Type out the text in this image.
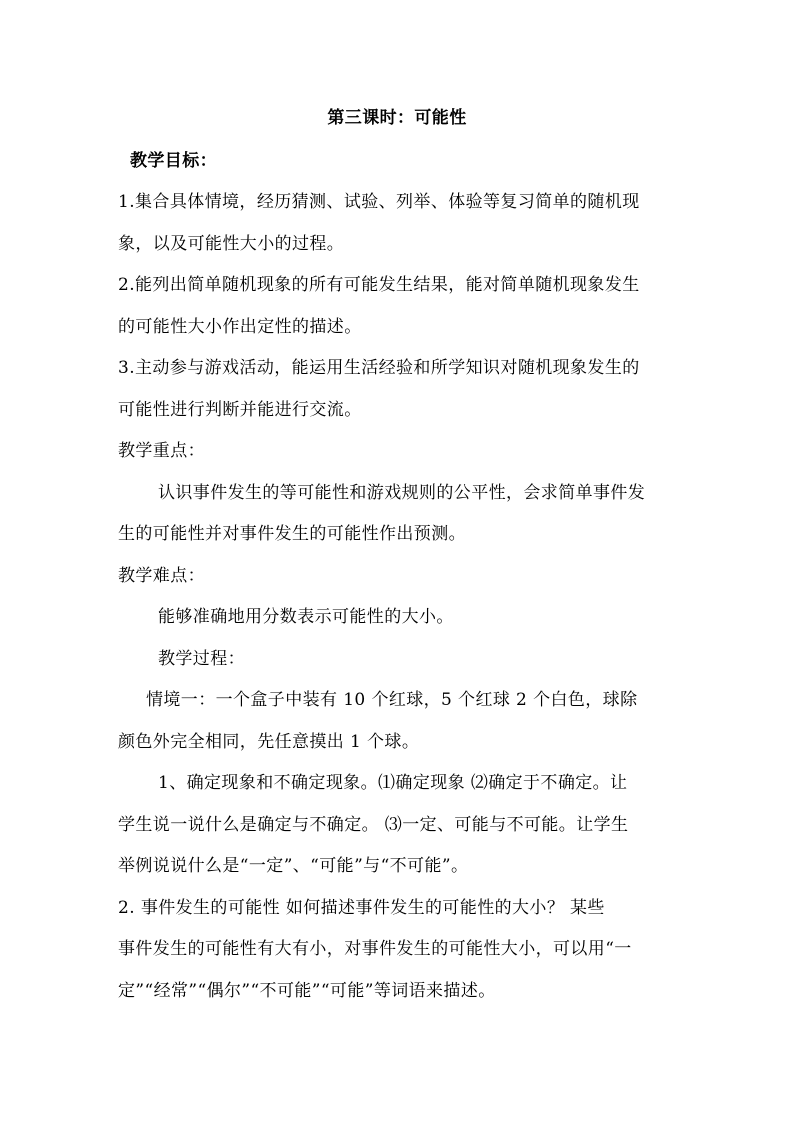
第三课时：可能性
教学目标：
1.集合具体情境，经历猜测、试验、列举、体验等复习简单的随机现
象，以及可能性大小的过程。
2.能列出简单随机现象的所有可能发生结果，能对简单随机现象发生
的可能性大小作出定性的描述。
3.主动参与游戏活动，能运用生活经验和所学知识对随机现象发生的
可能性进行判断并能进行交流。
教学重点：
认识事件发生的等可能性和游戏规则的公平性，会求简单事件发
生的可能性并对事件发生的可能性作出预测。
教学难点：
能够准确地用分数表示可能性的大小。
教学过程：
情境一：一个盒子中装有 10 个红球，5 个红球 2 个白色，球除
颜色外完全相同，先任意摸出 1 个球。
1、确定现象和不确定现象。⑴确定现象 ⑵确定于不确定。让
学生说一说什么是确定与不确定。 ⑶一定、可能与不可能。让学生
举例说说什么是“一定”、“可能”与“不可能”。
2. 事件发生的可能性 如何描述事件发生的可能性的大小？ 某些
事件发生的可能性有大有小，对事件发生的可能性大小，可以用“一
定”“经常”“偶尔”“不可能”“可能”等词语来描述。
